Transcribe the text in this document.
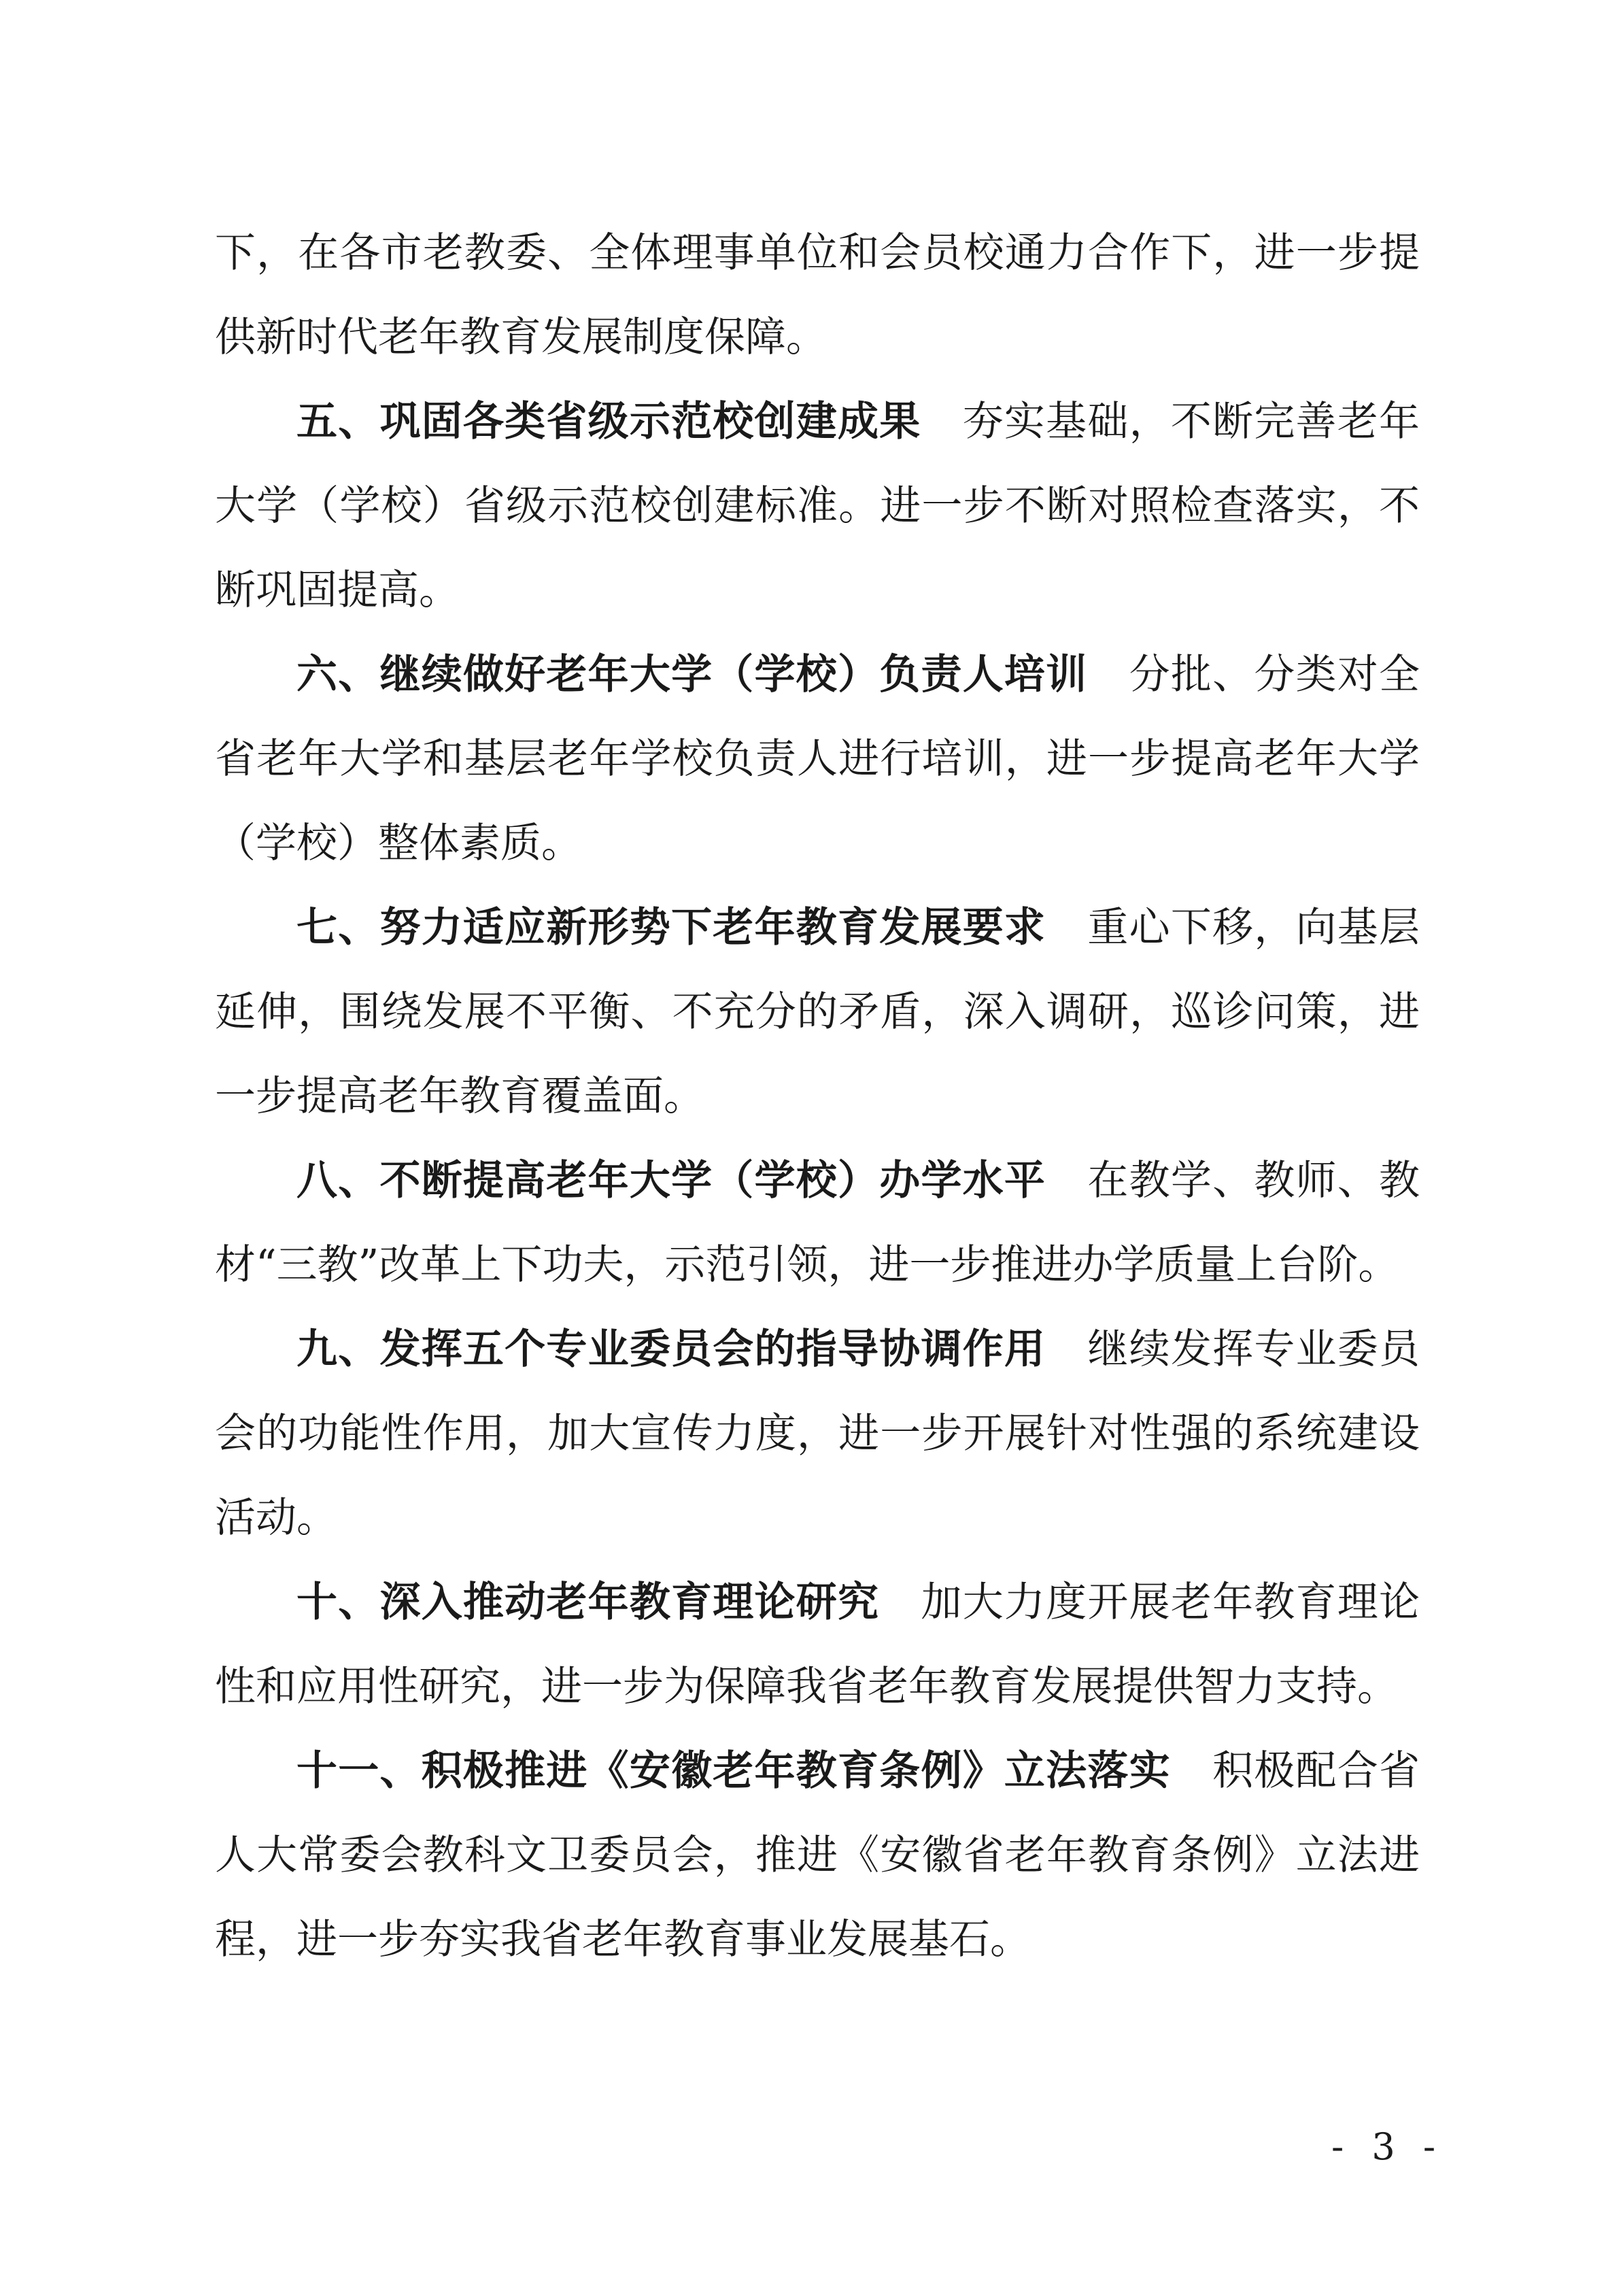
下，在各市老教委、全体理事单位和会员校通力合作下，进一步提供新时代老年教育发展制度保障。

五、巩固各类省级示范校创建成果　 夯实基础，不断完善老年大学（学校）省级示范校创建标准。进一步不断对照检查落实，不断巩固提高。

六、继续做好老年大学（学校）负责人培训　 分批、分类对全省老年大学和基层老年学校负责人进行培训，进一步提高老年大学（学校）整体素质。

七、努力适应新形势下老年教育发展要求　 重心下移，向基层延伸，围绕发展不平衡、不充分的矛盾，深入调研，巡诊问策，进一步提高老年教育覆盖面。

八、不断提高老年大学（学校）办学水平　 在教学、教师、教材“三教”改革上下功夫，示范引领，进一步推进办学质量上台阶。

九、发挥五个专业委员会的指导协调作用　 继续发挥专业委员会的功能性作用，加大宣传力度，进一步开展针对性强的系统建设活动。

十、深入推动老年教育理论研究　 加大力度开展老年教育理论性和应用性研究，进一步为保障我省老年教育发展提供智力支持。

十一、积极推进《安徽老年教育条例》立法落实　 积极配合省人大常委会教科文卫委员会，推进《安徽省老年教育条例》立法进程，进一步夯实我省老年教育事业发展基石。

- 3 -
